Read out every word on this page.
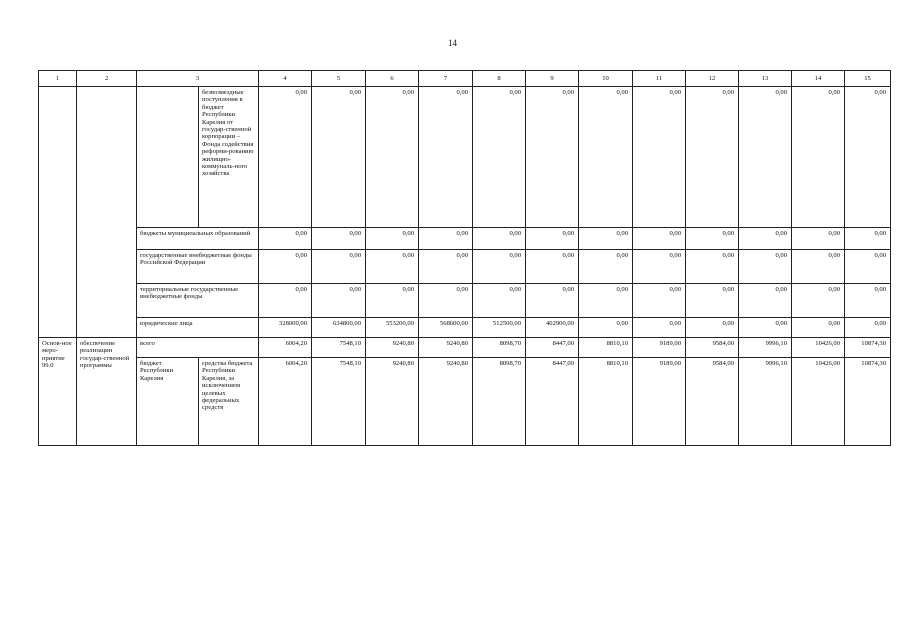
14
1	2	3		4	5	6	7	8	9	10	11	12	13	14	15
			безвозмездные поступления в бюджет Республики Карелия от государ-ственной корпорации – Фонда содействия реформи-рованию жилищно-коммуналь-ного хозяйства	0,00	0,00	0,00	0,00	0,00	0,00	0,00	0,00	0,00	0,00	0,00	0,00
		бюджеты муниципальных образований		0,00	0,00	0,00	0,00	0,00	0,00	0,00	0,00	0,00	0,00	0,00	0,00
		государственные внебюджетные фонды Российской Федерации		0,00	0,00	0,00	0,00	0,00	0,00	0,00	0,00	0,00	0,00	0,00	0,00
		территориальные государственные внебюджетные фонды		0,00	0,00	0,00	0,00	0,00	0,00	0,00	0,00	0,00	0,00	0,00	0,00
		юридические лица		328000,00	634800,00	553200,00	568600,00	512500,00	402900,00	0,00	0,00	0,00	0,00	0,00	0,00
Основ-ное меро-приятие 99.0	обеспечение реализации государ-ственной программы	всего		6004,20	7548,10	9240,80	9240,80	8098,70	8447,00	8810,10	9189,00	9584,00	9996,10	10426,00	10874,30
		бюджет Республики Карелия	средства бюджета Республики Карелия, за исключением целевых федеральных средств	6004,20	7548,10	9240,80	9240,80	8098,70	8447,00	8810,10	9189,00	9584,00	9996,10	10426,00	10874,30
